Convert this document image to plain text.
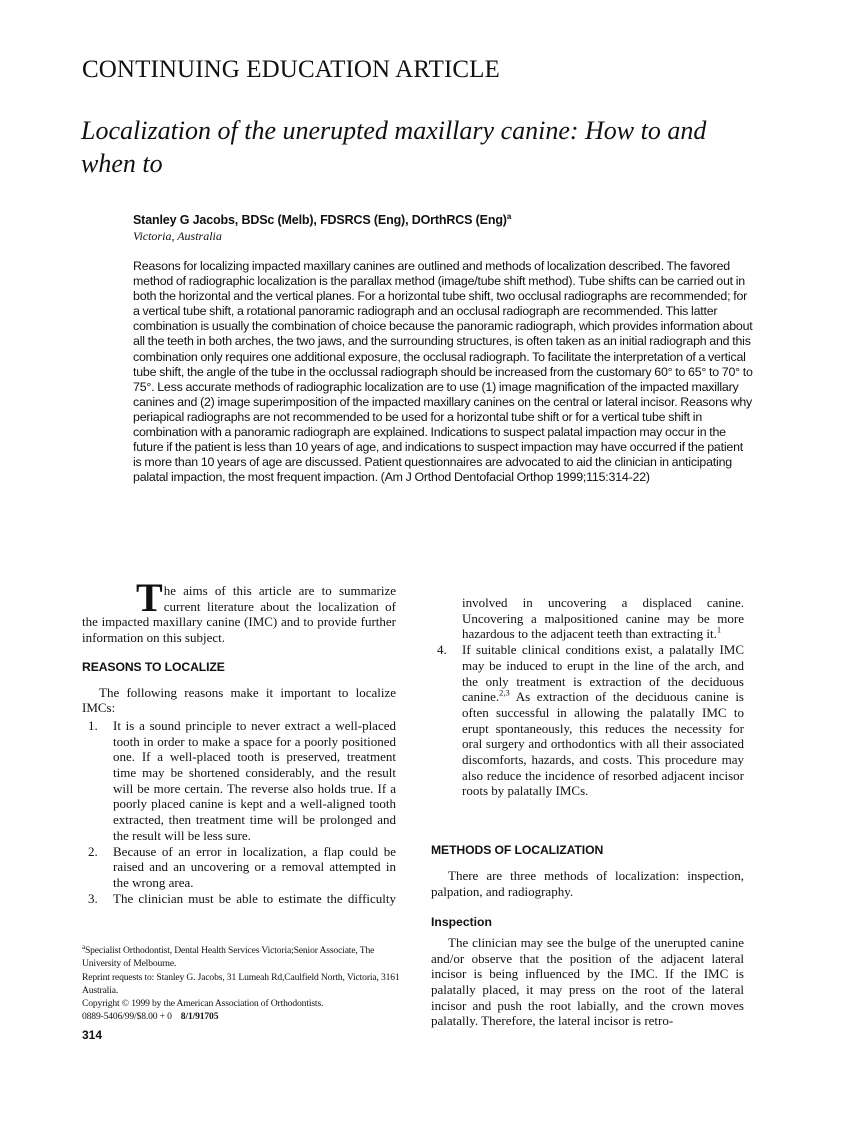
CONTINUING EDUCATION ARTICLE
Localization of the unerupted maxillary canine: How to and when to
Stanley G Jacobs, BDSc (Melb), FDSRCS (Eng), DOrthRCS (Eng)$^a$
Victoria, Australia
Reasons for localizing impacted maxillary canines are outlined and methods of localization described. The favored method of radiographic localization is the parallax method (image/tube shift method). Tube shifts can be carried out in both the horizontal and the vertical planes. For a horizontal tube shift, two occlusal radiographs are recommended; for a vertical tube shift, a rotational panoramic radiograph and an occlusal radiograph are recommended. This latter combination is usually the combination of choice because the panoramic radiograph, which provides information about all the teeth in both arches, the two jaws, and the surrounding structures, is often taken as an initial radiograph and this combination only requires one additional exposure, the occlusal radiograph. To facilitate the interpretation of a vertical tube shift, the angle of the tube in the occlussal radiograph should be increased from the customary 60° to 65° to 70° to 75°. Less accurate methods of radiographic localization are to use (1) image magnification of the impacted maxillary canines and (2) image superimposition of the impacted maxillary canines on the central or lateral incisor. Reasons why periapical radiographs are not recommended to be used for a horizontal tube shift or for a vertical tube shift in combination with a panoramic radiograph are explained. Indications to suspect palatal impaction may occur in the future if the patient is less than 10 years of age, and indications to suspect impaction may have occurred if the patient is more than 10 years of age are discussed. Patient questionnaires are advocated to aid the clinician in anticipating palatal impaction, the most frequent impaction. (Am J Orthod Dentofacial Orthop 1999;115:314-22)

The aims of this article are to summarize current literature about the localization of the impacted maxillary canine (IMC) and to provide further information on this subject.

REASONS TO LOCALIZE

The following reasons make it important to localize IMCs:

1. It is a sound principle to never extract a well-placed tooth in order to make a space for a poorly positioned one. If a well-placed tooth is preserved, treatment time may be shortened considerably, and the result will be more certain. The reverse also holds true. If a poorly placed canine is kept and a well-aligned tooth extracted, then treatment time will be prolonged and the result will be less sure.
2. Because of an error in localization, a flap could be raised and an uncovering or a removal attempted in the wrong area.
3. The clinician must be able to estimate the difficulty
$^a$Specialist Orthodontist, Dental Health Services Victoria;Senior Associate, The University of Melbourne.
Reprint requests to: Stanley G. Jacobs, 31 Lumeah Rd,Caulfield North, Victoria, 3161 Australia.
Copyright © 1999 by the American Association of Orthodontists.
0889-5406/99/$8.00 + 0 8/1/91705
314

involved in uncovering a displaced canine. Uncovering a malpositioned canine may be more hazardous to the adjacent teeth than extracting it.$^1$

4. If suitable clinical conditions exist, a palatally IMC may be induced to erupt in the line of the arch, and the only treatment is extraction of the deciduous canine.$^{2,3}$ As extraction of the deciduous canine is often successful in allowing the palatally IMC to erupt spontaneously, this reduces the necessity for oral surgery and orthodontics with all their associated discomforts, hazards, and costs. This procedure may also reduce the incidence of resorbed adjacent incisor roots by palatally IMCs.

METHODS OF LOCALIZATION

There are three methods of localization: inspection, palpation, and radiography.

Inspection

The clinician may see the bulge of the unerupted canine and/or observe that the position of the adjacent lateral incisor is being influenced by the IMC. If the IMC is palatally placed, it may press on the root of the lateral incisor and push the root labially, and the crown moves palatally. Therefore, the lateral incisor is retro-
